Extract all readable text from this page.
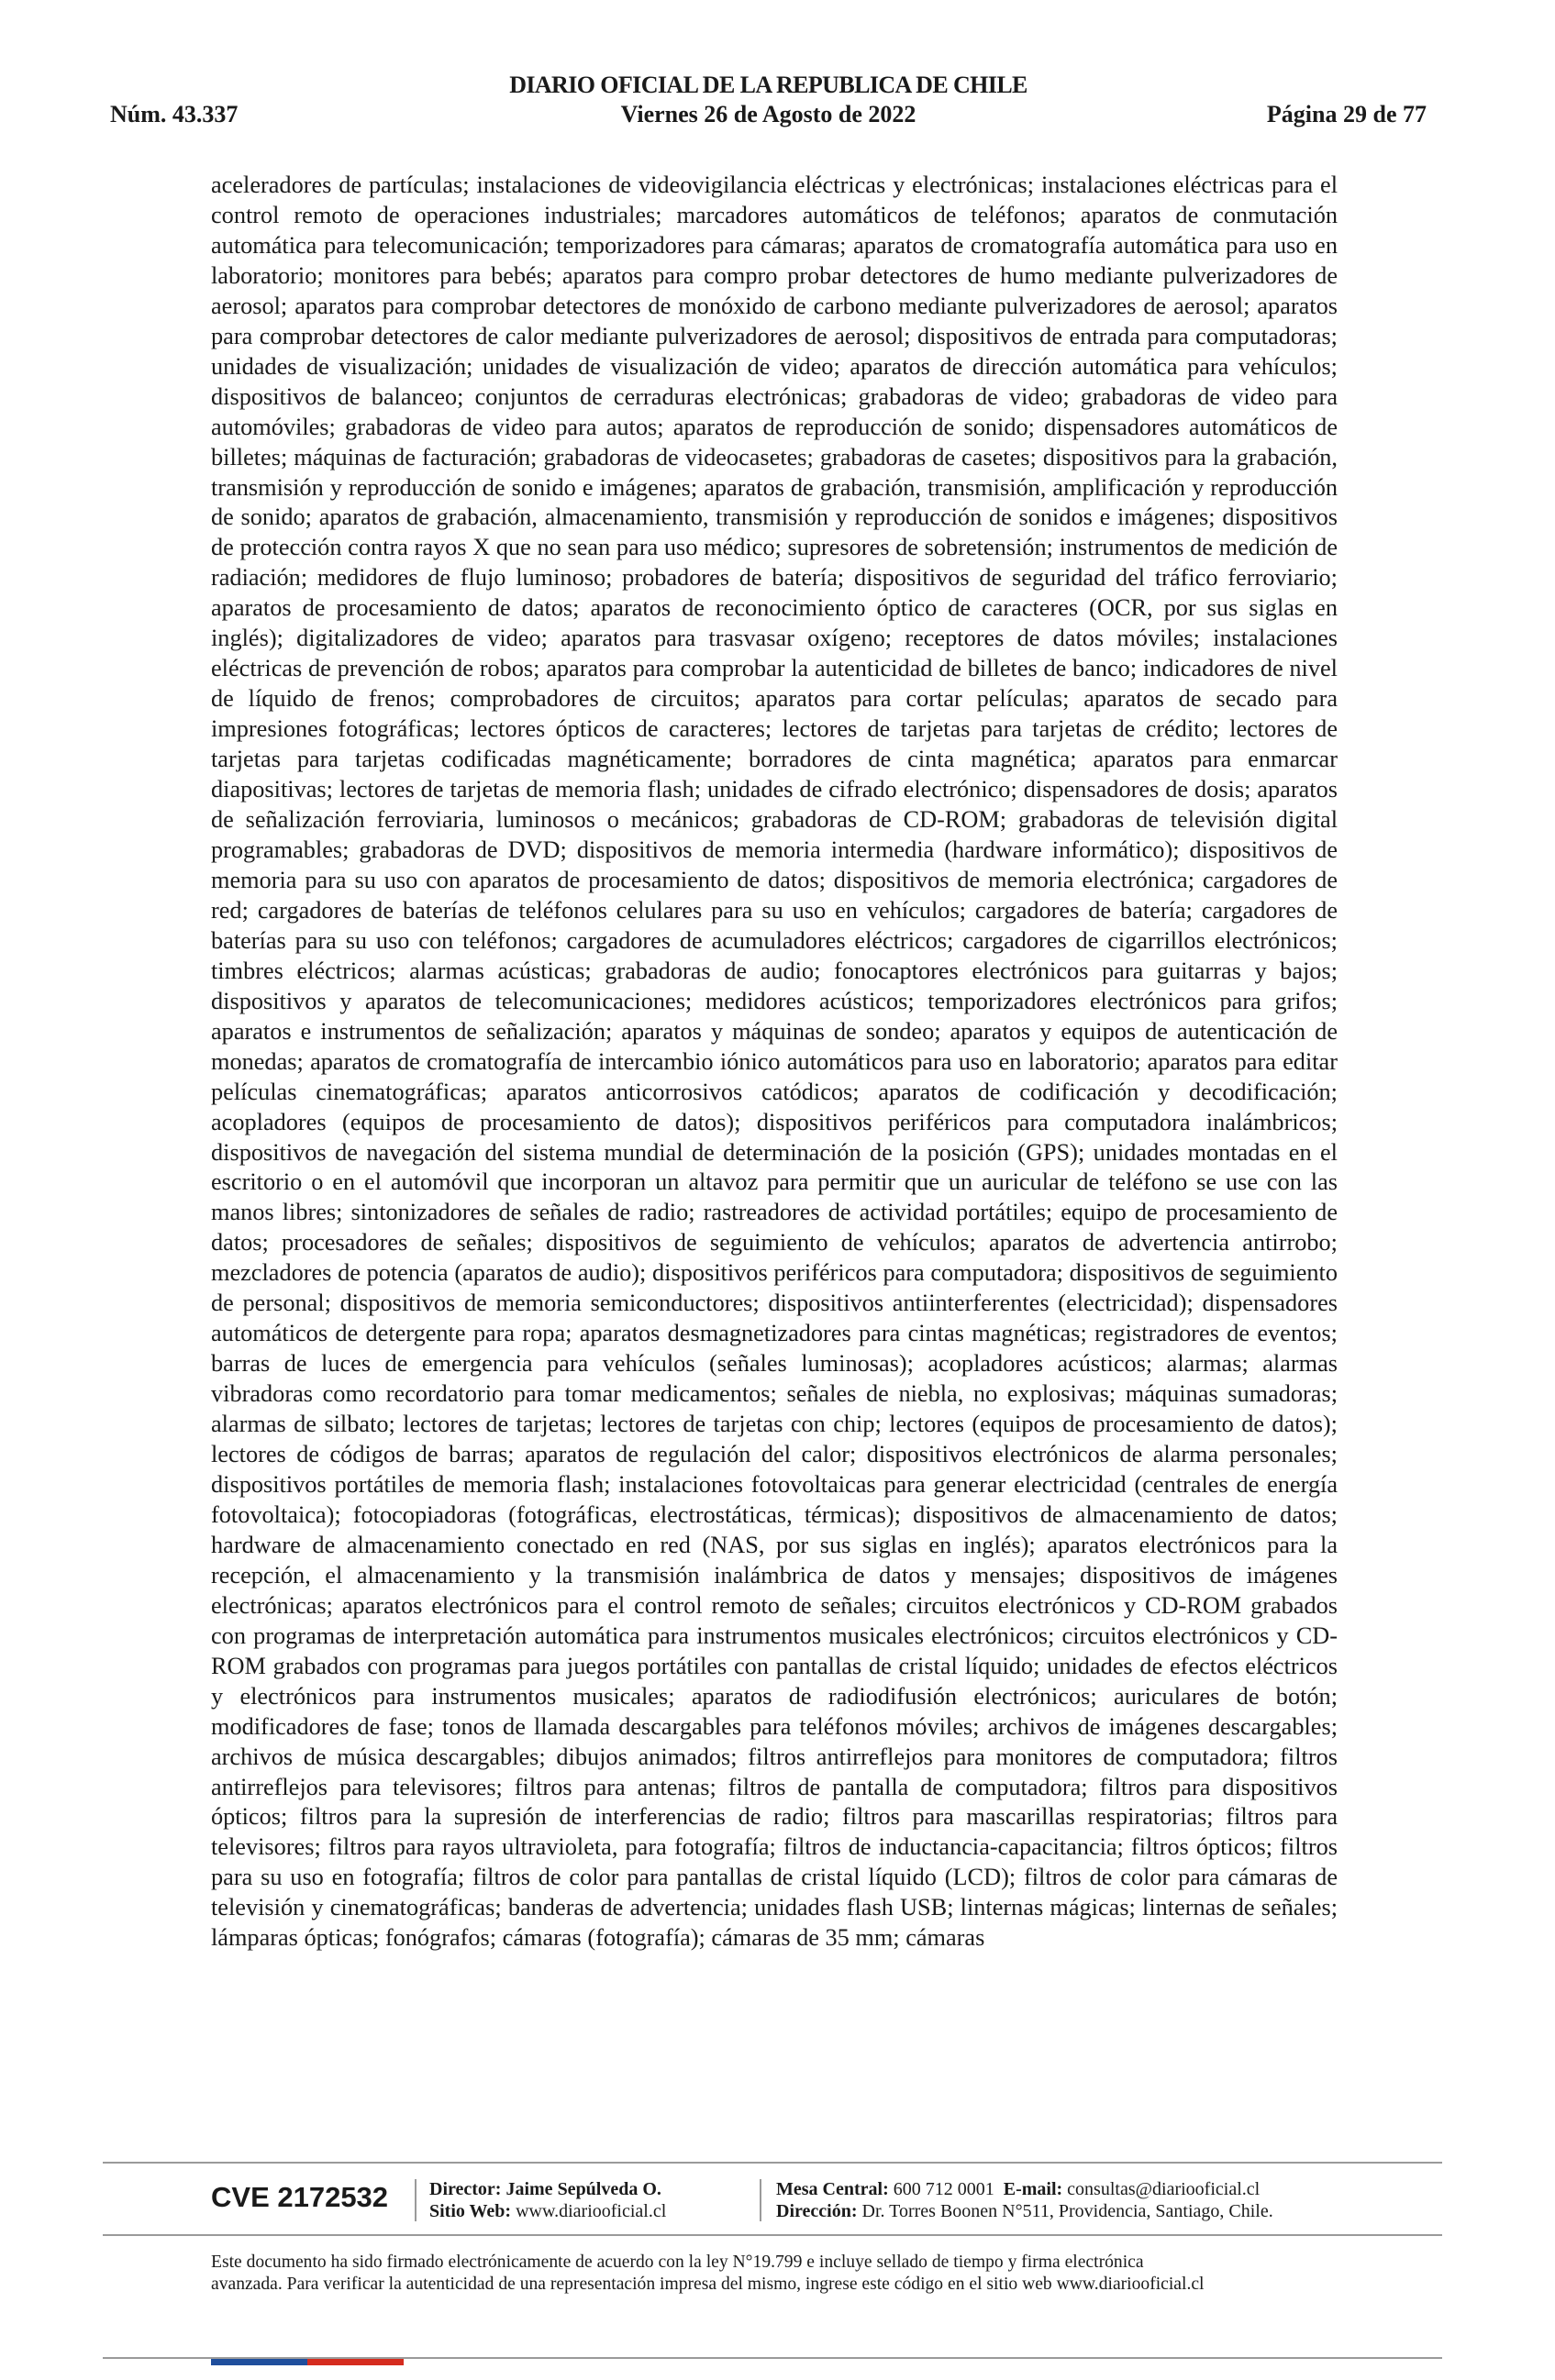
DIARIO OFICIAL DE LA REPUBLICA DE CHILE
Núm. 43.337	Viernes 26 de Agosto de 2022	Página 29 de 77

aceleradores de partículas; instalaciones de videovigilancia eléctricas y electrónicas; instalaciones eléctricas para el control remoto de operaciones industriales; marcadores automáticos de teléfonos; aparatos de conmutación automática para telecomunicación; temporizadores para cámaras; aparatos de cromatografía automática para uso en laboratorio; monitores para bebés; aparatos para compro probar detectores de humo mediante pulverizadores de aerosol; aparatos para comprobar detectores de monóxido de carbono mediante pulverizadores de aerosol; aparatos para comprobar detectores de calor mediante pulverizadores de aerosol; dispositivos de entrada para computadoras; unidades de visualización; unidades de visualización de video; aparatos de dirección automática para vehículos; dispositivos de balanceo; conjuntos de cerraduras electrónicas; grabadoras de video; grabadoras de video para automóviles; grabadoras de video para autos; aparatos de reproducción de sonido; dispensadores automáticos de billetes; máquinas de facturación; grabadoras de videocasetes; grabadoras de casetes; dispositivos para la grabación, transmisión y reproducción de sonido e imágenes; aparatos de grabación, transmisión, amplificación y reproducción de sonido; aparatos de grabación, almacenamiento, transmisión y reproducción de sonidos e imágenes; dispositivos de protección contra rayos X que no sean para uso médico; supresores de sobretensión; instrumentos de medición de radiación; medidores de flujo luminoso; probadores de batería; dispositivos de seguridad del tráfico ferroviario; aparatos de procesamiento de datos; aparatos de reconocimiento óptico de caracteres (OCR, por sus siglas en inglés); digitalizadores de video; aparatos para trasvasar oxígeno; receptores de datos móviles; instalaciones eléctricas de prevención de robos; aparatos para comprobar la autenticidad de billetes de banco; indicadores de nivel de líquido de frenos; comprobadores de circuitos; aparatos para cortar películas; aparatos de secado para impresiones fotográficas; lectores ópticos de caracteres; lectores de tarjetas para tarjetas de crédito; lectores de tarjetas para tarjetas codificadas magnéticamente; borradores de cinta magnética; aparatos para enmarcar diapositivas; lectores de tarjetas de memoria flash; unidades de cifrado electrónico; dispensadores de dosis; aparatos de señalización ferroviaria, luminosos o mecánicos; grabadoras de CD-ROM; grabadoras de televisión digital programables; grabadoras de DVD; dispositivos de memoria intermedia (hardware informático); dispositivos de memoria para su uso con aparatos de procesamiento de datos; dispositivos de memoria electrónica; cargadores de red; cargadores de baterías de teléfonos celulares para su uso en vehículos; cargadores de batería; cargadores de baterías para su uso con teléfonos; cargadores de acumuladores eléctricos; cargadores de cigarrillos electrónicos; timbres eléctricos; alarmas acústicas; grabadoras de audio; fonocaptores electrónicos para guitarras y bajos; dispositivos y aparatos de telecomunicaciones; medidores acústicos; temporizadores electrónicos para grifos; aparatos e instrumentos de señalización; aparatos y máquinas de sondeo; aparatos y equipos de autenticación de monedas; aparatos de cromatografía de intercambio iónico automáticos para uso en laboratorio; aparatos para editar películas cinematográficas; aparatos anticorrosivos catódicos; aparatos de codificación y decodificación; acopladores (equipos de procesamiento de datos); dispositivos periféricos para computadora inalámbricos; dispositivos de navegación del sistema mundial de determinación de la posición (GPS); unidades montadas en el escritorio o en el automóvil que incorporan un altavoz para permitir que un auricular de teléfono se use con las manos libres; sintonizadores de señales de radio; rastreadores de actividad portátiles; equipo de procesamiento de datos; procesadores de señales; dispositivos de seguimiento de vehículos; aparatos de advertencia antirrobo; mezcladores de potencia (aparatos de audio); dispositivos periféricos para computadora; dispositivos de seguimiento de personal; dispositivos de memoria semiconductores; dispositivos antiinterferentes (electricidad); dispensadores automáticos de detergente para ropa; aparatos desmagnetizadores para cintas magnéticas; registradores de eventos; barras de luces de emergencia para vehículos (señales luminosas); acopladores acústicos; alarmas; alarmas vibradoras como recordatorio para tomar medicamentos; señales de niebla, no explosivas; máquinas sumadoras; alarmas de silbato; lectores de tarjetas; lectores de tarjetas con chip; lectores (equipos de procesamiento de datos); lectores de códigos de barras; aparatos de regulación del calor; dispositivos electrónicos de alarma personales; dispositivos portátiles de memoria flash; instalaciones fotovoltaicas para generar electricidad (centrales de energía fotovoltaica); fotocopiadoras (fotográficas, electrostáticas, térmicas); dispositivos de almacenamiento de datos; hardware de almacenamiento conectado en red (NAS, por sus siglas en inglés); aparatos electrónicos para la recepción, el almacenamiento y la transmisión inalámbrica de datos y mensajes; dispositivos de imágenes electrónicas; aparatos electrónicos para el control remoto de señales; circuitos electrónicos y CD-ROM grabados con programas de interpretación automática para instrumentos musicales electrónicos; circuitos electrónicos y CD-ROM grabados con programas para juegos portátiles con pantallas de cristal líquido; unidades de efectos eléctricos y electrónicos para instrumentos musicales; aparatos de radiodifusión electrónicos; auriculares de botón; modificadores de fase; tonos de llamada descargables para teléfonos móviles; archivos de imágenes descargables; archivos de música descargables; dibujos animados; filtros antirreflejos para monitores de computadora; filtros antirreflejos para televisores; filtros para antenas; filtros de pantalla de computadora; filtros para dispositivos ópticos; filtros para la supresión de interferencias de radio; filtros para mascarillas respiratorias; filtros para televisores; filtros para rayos ultravioleta, para fotografía; filtros de inductancia-capacitancia; filtros ópticos; filtros para su uso en fotografía; filtros de color para pantallas de cristal líquido (LCD); filtros de color para cámaras de televisión y cinematográficas; banderas de advertencia; unidades flash USB; linternas mágicas; linternas de señales; lámparas ópticas; fonógrafos; cámaras (fotografía); cámaras de 35 mm; cámaras

CVE 2172532 Director: Jaime Sepúlveda O.
Sitio Web: www.diariooficial.cl
Mesa Central: 600 712 0001 E-mail: consultas@diariooficial.cl
Dirección: Dr. Torres Boonen N°511, Providencia, Santiago, Chile.
Este documento ha sido firmado electrónicamente de acuerdo con la ley N°19.799 e incluye sellado de tiempo y firma electrónica
avanzada. Para verificar la autenticidad de una representación impresa del mismo, ingrese este código en el sitio web www.diariooficial.cl
